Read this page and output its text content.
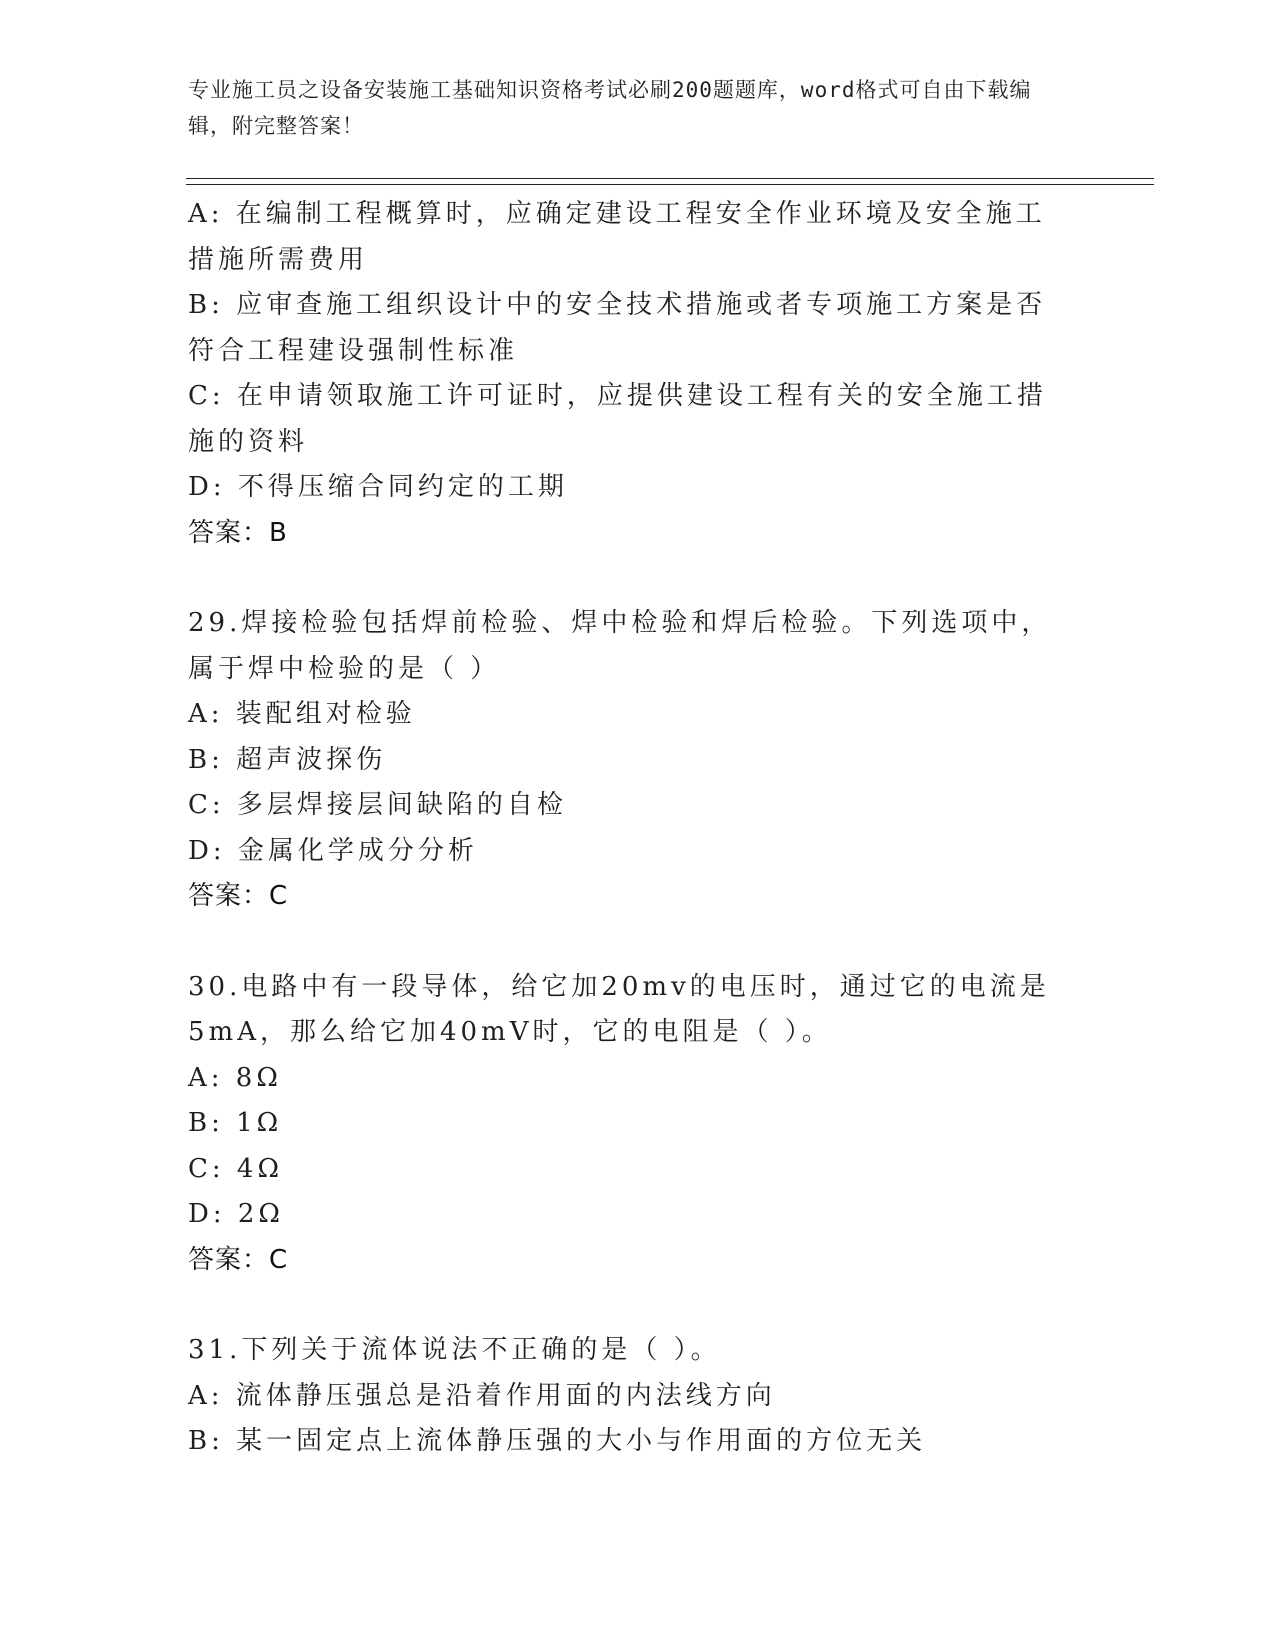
专业施工员之设备安装施工基础知识资格考试必刷200题题库，word格式可自由下载编辑，附完整答案！
A: 在编制工程概算时，应确定建设工程安全作业环境及安全施工措施所需费用
B: 应审查施工组织设计中的安全技术措施或者专项施工方案是否符合工程建设强制性标准
C: 在申请领取施工许可证时，应提供建设工程有关的安全施工措施的资料
D: 不得压缩合同约定的工期
答案：B
29.焊接检验包括焊前检验、焊中检验和焊后检验。下列选项中，属于焊中检验的是（ ）
A: 装配组对检验
B: 超声波探伤
C: 多层焊接层间缺陷的自检
D: 金属化学成分分析
答案：C
30.电路中有一段导体，给它加20mv的电压时，通过它的电流是5mA，那么给它加40mV时，它的电阻是（ ）。
A: 8Ω
B: 1Ω
C: 4Ω
D: 2Ω
答案：C
31.下列关于流体说法不正确的是（ ）。
A: 流体静压强总是沿着作用面的内法线方向
B: 某一固定点上流体静压强的大小与作用面的方位无关
